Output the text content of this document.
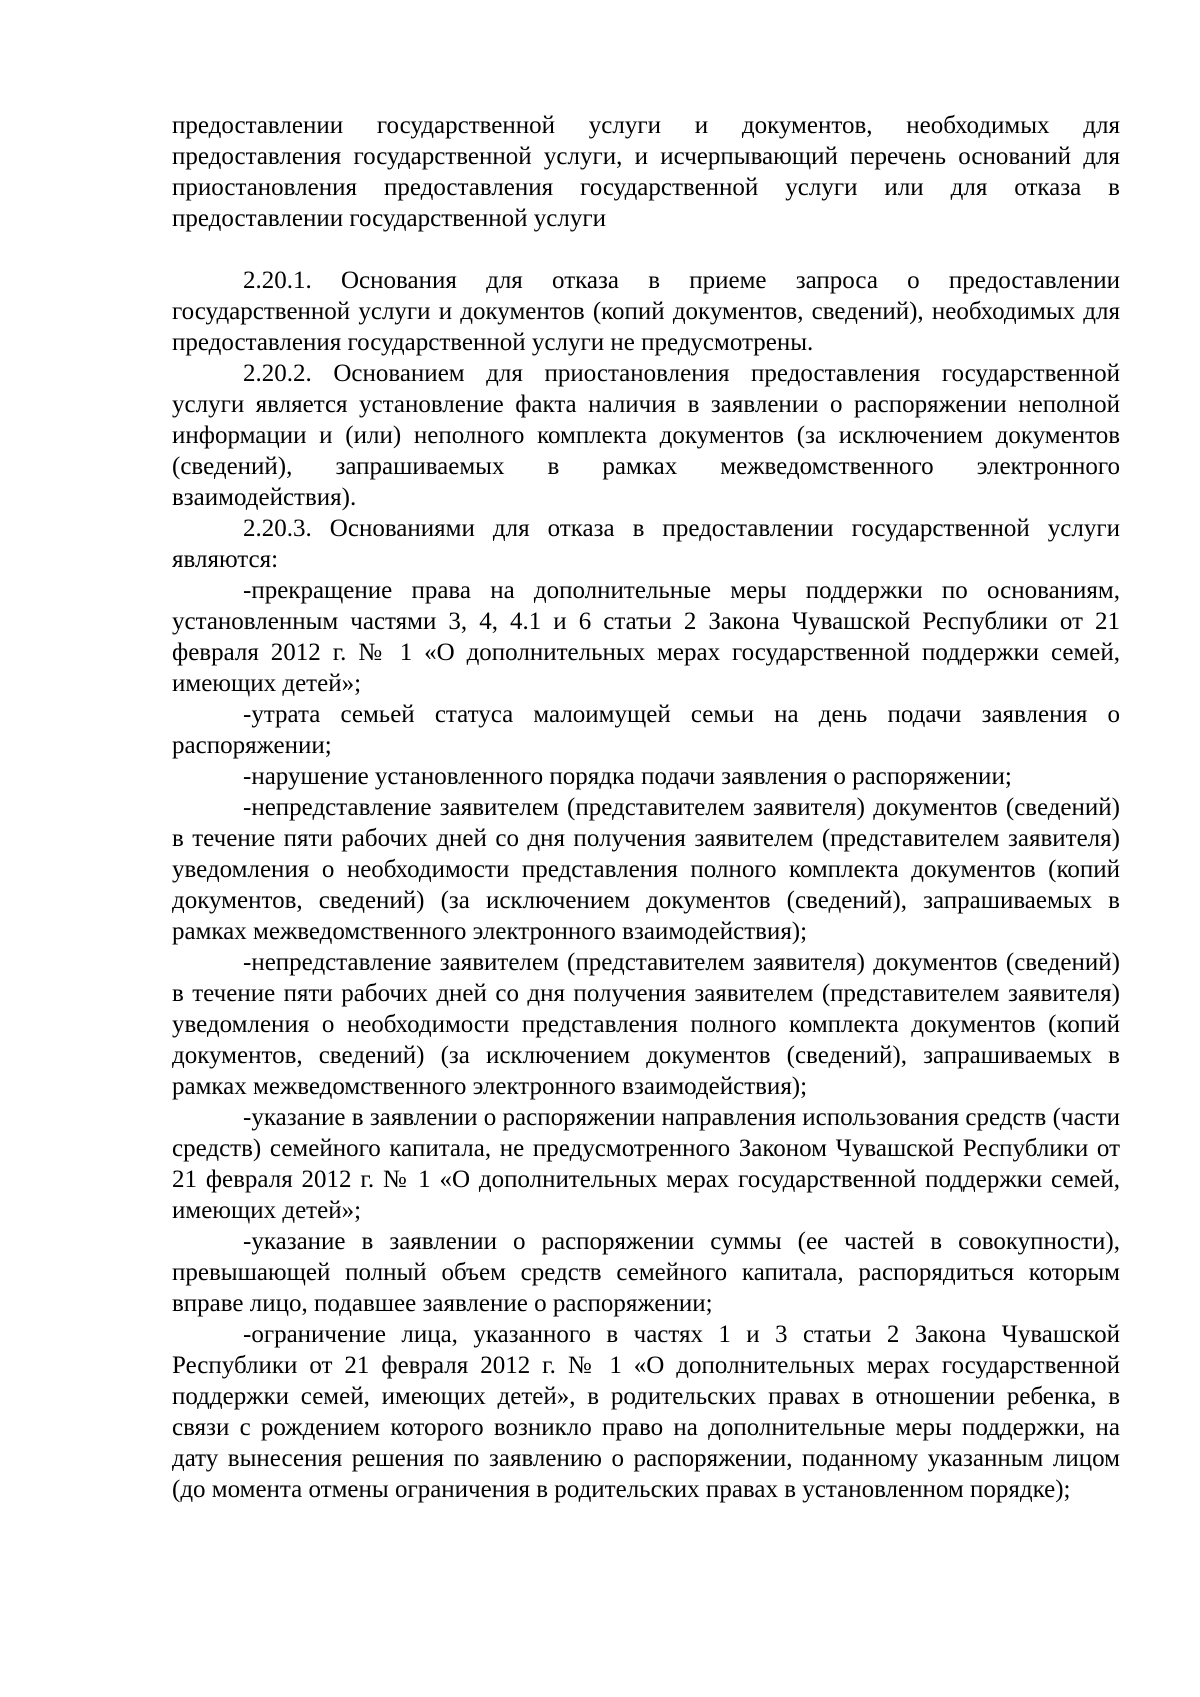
предоставлении государственной услуги и документов, необходимых для предоставления государственной услуги, и исчерпывающий перечень оснований для приостановления предоставления государственной услуги или для отказа в предоставлении государственной услуги

2.20.1. Основания для отказа в приеме запроса о предоставлении государственной услуги и документов (копий документов, сведений), необходимых для предоставления государственной услуги не предусмотрены.

2.20.2. Основанием для приостановления предоставления государственной услуги является установление факта наличия в заявлении о распоряжении неполной информации и (или) неполного комплекта документов (за исключением документов (сведений), запрашиваемых в рамках межведомственного электронного взаимодействия).

2.20.3. Основаниями для отказа в предоставлении государственной услуги являются:

-прекращение права на дополнительные меры поддержки по основаниям, установленным частями 3, 4, 4.1 и 6 статьи 2 Закона Чувашской Республики от 21 февраля 2012 г. № 1 «О дополнительных мерах государственной поддержки семей, имеющих детей»;

-утрата семьей статуса малоимущей семьи на день подачи заявления о распоряжении;

-нарушение установленного порядка подачи заявления о распоряжении;

-непредставление заявителем (представителем заявителя) документов (сведений) в течение пяти рабочих дней со дня получения заявителем (представителем заявителя) уведомления о необходимости представления полного комплекта документов (копий документов, сведений) (за исключением документов (сведений), запрашиваемых в рамках межведомственного электронного взаимодействия);

-непредставление заявителем (представителем заявителя) документов (сведений) в течение пяти рабочих дней со дня получения заявителем (представителем заявителя) уведомления о необходимости представления полного комплекта документов (копий документов, сведений) (за исключением документов (сведений), запрашиваемых в рамках межведомственного электронного взаимодействия);

-указание в заявлении о распоряжении направления использования средств (части средств) семейного капитала, не предусмотренного Законом Чувашской Республики от 21 февраля 2012 г. № 1 «О дополнительных мерах государственной поддержки семей, имеющих детей»;

-указание в заявлении о распоряжении суммы (ее частей в совокупности), превышающей полный объем средств семейного капитала, распорядиться которым вправе лицо, подавшее заявление о распоряжении;

-ограничение лица, указанного в частях 1 и 3 статьи 2 Закона Чувашской Республики от 21 февраля 2012 г. № 1 «О дополнительных мерах государственной поддержки семей, имеющих детей», в родительских правах в отношении ребенка, в связи с рождением которого возникло право на дополнительные меры поддержки, на дату вынесения решения по заявлению о распоряжении, поданному указанным лицом (до момента отмены ограничения в родительских правах в установленном порядке);
